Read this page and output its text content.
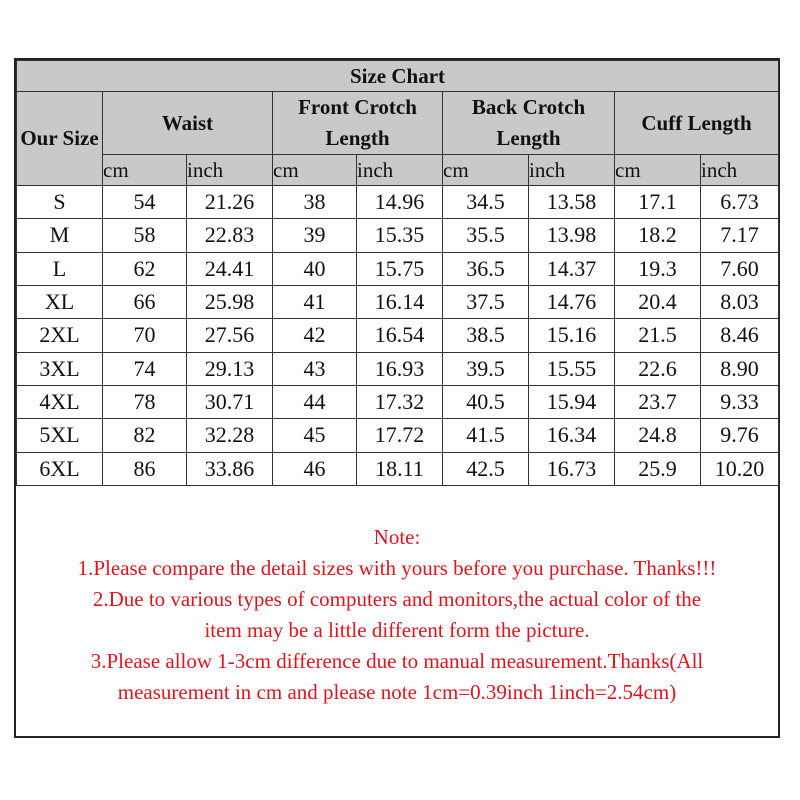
Size Chart								
Our Size	Waist		Front Crotch Length		Back Crotch Length		Cuff Length	
	cm	inch	cm	inch	cm	inch	cm	inch
S	54	21.26	38	14.96	34.5	13.58	17.1	6.73
M	58	22.83	39	15.35	35.5	13.98	18.2	7.17
L	62	24.41	40	15.75	36.5	14.37	19.3	7.60
XL	66	25.98	41	16.14	37.5	14.76	20.4	8.03
2XL	70	27.56	42	16.54	38.5	15.16	21.5	8.46
3XL	74	29.13	43	16.93	39.5	15.55	22.6	8.90
4XL	78	30.71	44	17.32	40.5	15.94	23.7	9.33
5XL	82	32.28	45	17.72	41.5	16.34	24.8	9.76
6XL	86	33.86	46	18.11	42.5	16.73	25.9	10.20
Note:
1.Please compare the detail sizes with yours before you purchase. Thanks!!!
2.Due to various types of computers and monitors,the actual color of the
item may be a little different form the picture.
3.Please allow 1-3cm difference due to manual measurement.Thanks(All
measurement in cm and please note 1cm=0.39inch 1inch=2.54cm)
